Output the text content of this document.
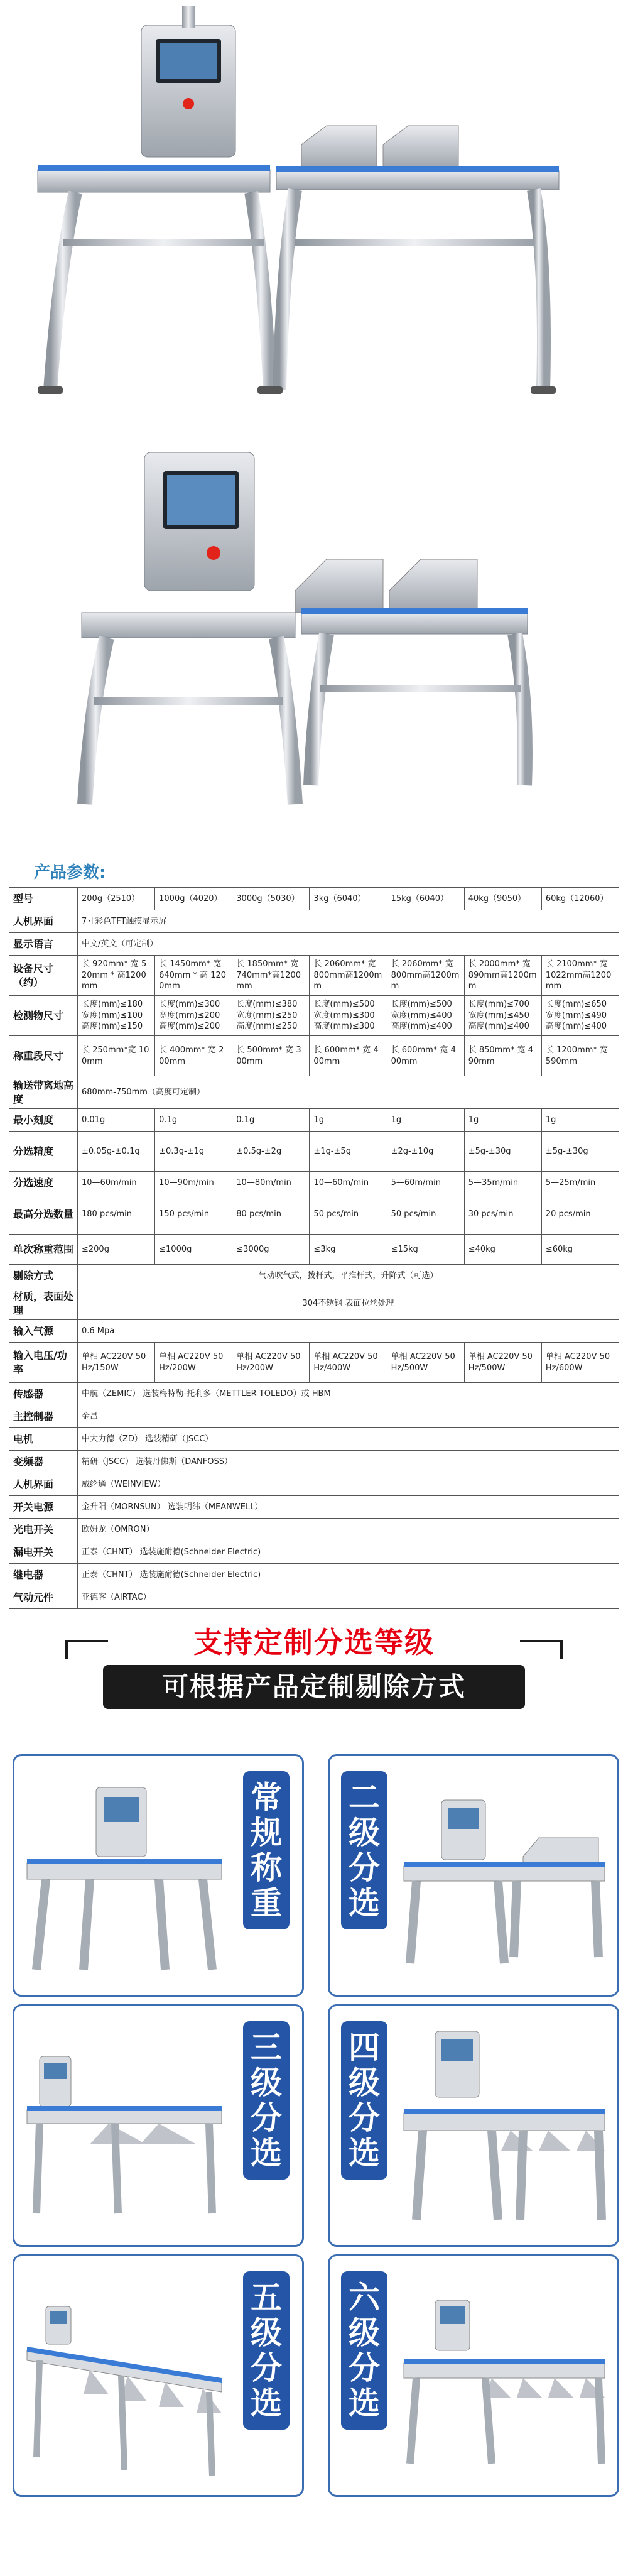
产品参数:
型号	200g（2510）	1000g（4020）	3000g（5030）	3kg（6040）	15kg（6040）	40kg（9050）	60kg（12060）
人机界面	7寸彩色TFT触摸显示屏						
显示语言	中文/英文（可定制）						
设备尺寸（约）	长 920mm* 宽 520mm * 高1200mm	长 1450mm* 宽 640mm * 高 1200mm	长 1850mm* 宽 740mm*高1200mm	长 2060mm* 宽 800mm高1200mm	长 2060mm* 宽 800mm高1200mm	长 2000mm* 宽 890mm高1200mm	长 2100mm* 宽 1022mm高1200mm
检测物尺寸	长度(mm)≤180 宽度(mm)≤100 高度(mm)≤150	长度(mm)≤300 宽度(mm)≤200 高度(mm)≤200	长度(mm)≤380 宽度(mm)≤250 高度(mm)≤250	长度(mm)≤500 宽度(mm)≤300 高度(mm)≤300	长度(mm)≤500 宽度(mm)≤400 高度(mm)≤400	长度(mm)≤700 宽度(mm)≤450 高度(mm)≤400	长度(mm)≤650 宽度(mm)≤490 高度(mm)≤400
称重段尺寸	长 250mm*宽 100mm	长 400mm* 宽 200mm	长 500mm* 宽 300mm	长 600mm* 宽 400mm	长 600mm* 宽 400mm	长 850mm* 宽 490mm	长 1200mm* 宽 590mm
输送带离地高度	680mm-750mm（高度可定制）						
最小刻度	0.01g	0.1g	0.1g	1g	1g	1g	1g
分选精度	±0.05g-±0.1g	±0.3g-±1g	±0.5g-±2g	±1g-±5g	±2g-±10g	±5g-±30g	±5g-±30g
分选速度	10—60m/min	10—90m/min	10—80m/min	10—60m/min	5—60m/min	5—35m/min	5—25m/min
最高分选数量	180 pcs/min	150 pcs/min	80 pcs/min	50 pcs/min	50 pcs/min	30 pcs/min	20 pcs/min
单次称重范围	≤200g	≤1000g	≤3000g	≤3kg	≤15kg	≤40kg	≤60kg
剔除方式	气动吹气式，拨杆式，平推杆式，升降式（可选）						
材质，表面处理	304不锈钢 表面拉丝处理						
输入气源	0.6 Mpa						
输入电压/功率	单相 AC220V 50Hz/150W	单相 AC220V 50Hz/200W	单相 AC220V 50Hz/200W	单相 AC220V 50Hz/400W	单相 AC220V 50Hz/500W	单相 AC220V 50Hz/500W	单相 AC220V 50Hz/600W
传感器	中航（ZEMIC） 选装梅特勒-托利多（METTLER TOLEDO）或 HBM						
主控制器	金昌						
电机	中大力德（ZD） 选装精研（JSCC）						
变频器	精研（JSCC） 选装丹佛斯（DANFOSS）						
人机界面	威纶通（WEINVIEW）						
开关电源	金升阳（MORNSUN） 选装明纬（MEANWELL）						
光电开关	欧姆龙（OMRON）						
漏电开关	正泰（CHNT） 选装施耐德(Schneider Electric)						
继电器	正泰（CHNT） 选装施耐德(Schneider Electric)						
气动元件	亚德客（AIRTAC）						
支持定制分选等级
可根据产品定制剔除方式
常规称重
二级分选
三级分选
四级分选
五级分选
六级分选
